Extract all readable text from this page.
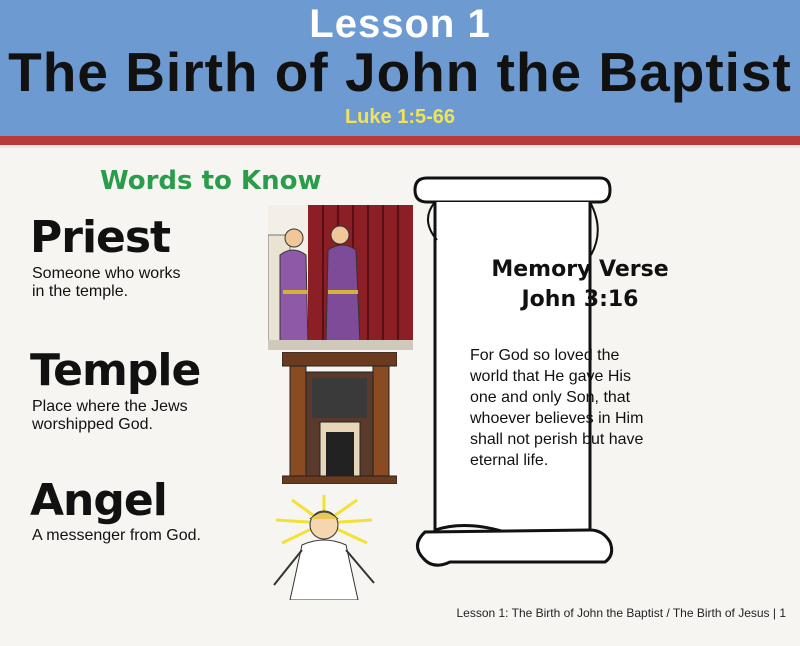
Lesson 1
The Birth of John the Baptist
Luke 1:5-66
Words to Know
Priest
Someone who works
in the temple.
Temple
Place where the Jews
worshipped God.
Angel
A messenger from God.
Memory Verse
John 3:16
For God so loved the
world that He gave His
one and only Son, that
whoever believes in Him
shall not perish but have
eternal life.
Lesson 1: The Birth of John the Baptist / The Birth of Jesus | 1
